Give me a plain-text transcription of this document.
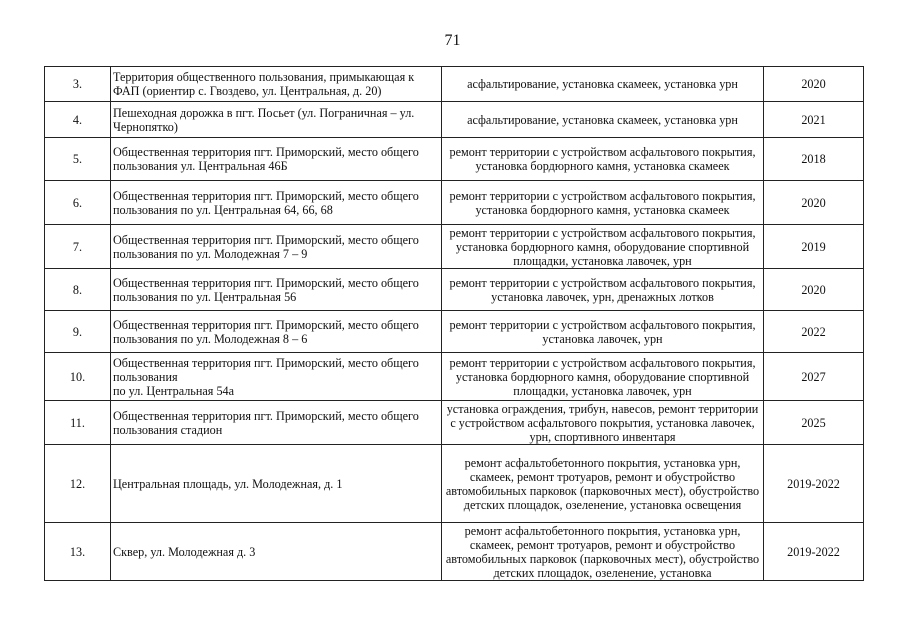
71
3.	Территория общественного пользования, примыкающая к ФАП (ориентир с. Гвоздево, ул. Центральная, д. 20)	асфальтирование, установка скамеек, установка урн	2020
4.	Пешеходная дорожка в пгт. Посьет (ул. Пограничная – ул. Чернопятко)	асфальтирование, установка скамеек, установка урн	2021
5.	Общественная территория пгт. Приморский, место общего пользования ул. Центральная 46Б	ремонт территории с устройством асфальтового покрытия, установка бордюрного камня, установка скамеек	2018
6.	Общественная территория пгт. Приморский, место общего пользования по ул. Центральная 64, 66, 68	ремонт территории с устройством асфальтового покрытия, установка бордюрного камня, установка скамеек	2020
7.	Общественная территория пгт. Приморский, место общего пользования по ул. Молодежная 7 – 9	ремонт территории с устройством асфальтового покрытия, установка бордюрного камня, оборудование спортивной площадки, установка лавочек, урн	2019
8.	Общественная территория пгт. Приморский, место общего пользования по ул. Центральная 56	ремонт территории с устройством асфальтового покрытия, установка лавочек, урн, дренажных лотков	2020
9.	Общественная территория пгт. Приморский, место общего пользования по ул. Молодежная 8 – 6	ремонт территории с устройством асфальтового покрытия, установка лавочек, урн	2022
10.	Общественная территория пгт. Приморский, место общего пользования
по ул. Центральная 54а	ремонт территории с устройством асфальтового покрытия, установка бордюрного камня, оборудование спортивной площадки, установка лавочек, урн	2027
11.	Общественная территория пгт. Приморский, место общего пользования стадион	установка ограждения, трибун, навесов, ремонт территории с устройством асфальтового покрытия, установка лавочек, урн, спортивного инвентаря	2025
12.	Центральная площадь, ул. Молодежная, д. 1	ремонт асфальтобетонного покрытия, установка урн, скамеек, ремонт тротуаров, ремонт и обустройство автомобильных парковок (парковочных мест), обустройство детских площадок, озеленение, установка освещения	2019-2022
13.	Сквер, ул. Молодежная д. 3	ремонт асфальтобетонного покрытия, установка урн, скамеек, ремонт тротуаров, ремонт и обустройство автомобильных парковок (парковочных мест), обустройство детских площадок, озеленение, установка	2019-2022
